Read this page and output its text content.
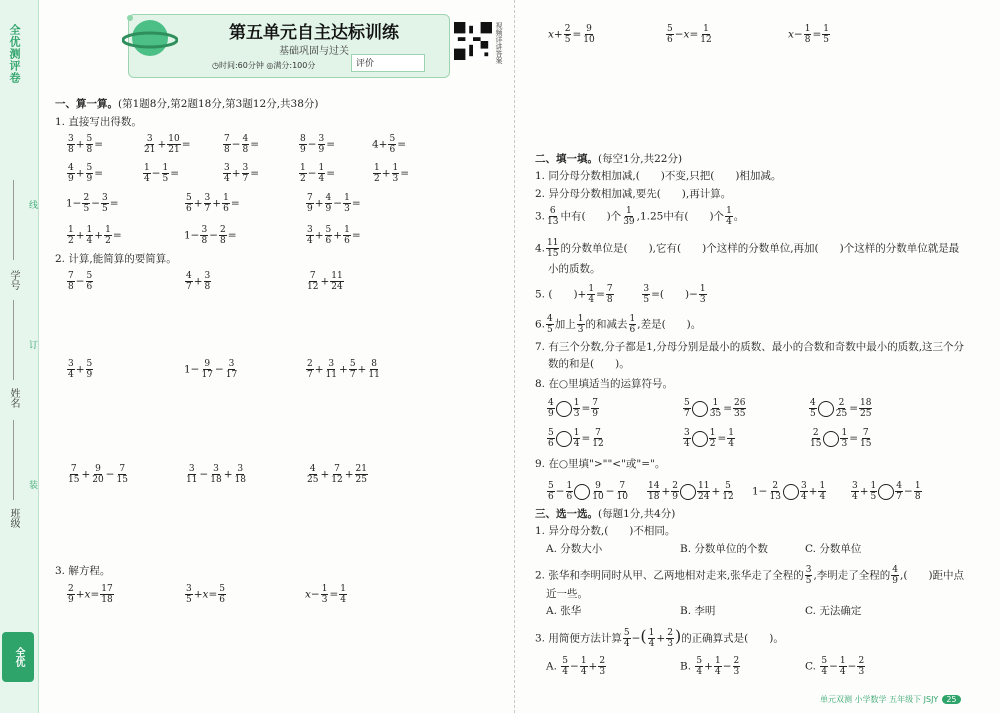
全优测评卷
学号
姓名
班级
线
订
装
全优
第五单元自主达标训练
基础巩固与过关
◷时间:60分钟 ◎满分:100分	评价	视频详讲答案
一、算一算。(第1题8分,第2题18分,第3题12分,共38分)
1. 直接写出得数。
$\frac{3}{8} + \frac{5}{8}$ =	$\frac{3}{21} + \frac{10}{21}$ =	$\frac{7}{8} - \frac{4}{8}$ =	$\frac{8}{9} - \frac{3}{9}$ =	$4+ \frac{5}{6}$ =
$\frac{4}{9} + \frac{5}{9}$ =	$\frac{1}{4} - \frac{1}{5}$ =	$\frac{3}{4} + \frac{3}{7}$ =	$\frac{1}{2} - \frac{1}{4}$ =	$\frac{1}{2} + \frac{1}{3}$ =
$1- \frac{2}{5} - \frac{3}{5}$ =	$\frac{5}{6} + \frac{3}{7} + \frac{1}{6}$ =	$\frac{7}{9} + \frac{4}{9} - \frac{1}{3}$ =
$\frac{1}{2} + \frac{1}{4} + \frac{1}{2}$ =	$1- \frac{3}{8} - \frac{2}{8}$ =	$\frac{3}{4} + \frac{5}{6} + \frac{1}{6}$ =
2. 计算,能简算的要简算。
$\frac{7}{8} - \frac{5}{6}$	$\frac{4}{7} + \frac{3}{8}$	$\frac{7}{12} + \frac{11}{24}$
$\frac{3}{4} + \frac{5}{9}$	$1- \frac{9}{17} - \frac{3}{17}$	$\frac{2}{7} + \frac{3}{11} + \frac{5}{7} + \frac{8}{11}$
$\frac{7}{15} + \frac{9}{20} - \frac{7}{15}$	$\frac{3}{11} - \frac{3}{18} + \frac{3}{18}$	$\frac{4}{25} + \frac{7}{12} + \frac{21}{25}$
3. 解方程。
$\frac{2}{9} +x= \frac{17}{18}$	$\frac{3}{5} +x= \frac{5}{6}$	$x- \frac{1}{3} = \frac{1}{4}$
$x+ \frac{2}{5} = \frac{9}{10}$	$\frac{5}{6} -x= \frac{1}{12}$	$x- \frac{1}{8} = \frac{1}{5}$
二、填一填。(每空1分,共22分)
1. 同分母分数相加减,(　　)不变,只把(　　)相加减。
2. 异分母分数相加减,要先(　　),再计算。
3. $\frac{6}{13}$ 中有(　　)个 $\frac{1}{39} ,1.25$中有(　　)个 $\frac{1}{4}$ 。
4. $\frac{11}{15}$ 的分数单位是(　　),它有(　　)个这样的分数单位,再加(　　)个这样的分数单位就是最
小的质数。
5. (　　)+ $\frac{1}{4} = \frac{7}{8}$
	$\frac{3}{5}$ =(　　)− $\frac{1}{3}$
6. $\frac{4}{5}$ 加上 $\frac{1}{3}$ 的和减去 $\frac{1}{6}$ ,差是(　　)。
7. 有三个分数,分子都是1,分母分别是最小的质数、最小的合数和奇数中最小的质数,这三个分
数的和是(　　)。
8. 在○里填适当的运算符号。
$\frac{4}{9} \frac{1}{3} = \frac{7}{9}$	$\frac{5}{7} \frac{1}{35} = \frac{26}{35}$	$\frac{4}{5} \frac{2}{25} = \frac{18}{25}$
$\frac{5}{6} \frac{1}{4} = \frac{7}{12}$	$\frac{3}{4} \frac{1}{2} = \frac{1}{4}$	$\frac{2}{15} \frac{1}{3} = \frac{7}{15}$
9. 在○里填">""<"或"="。
$\frac{5}{6} - \frac{1}{6} \frac{9}{10} - \frac{7}{10} \frac{14}{18} + \frac{2}{9} \frac{11}{24} + \frac{5}{12} 1- \frac{2}{13} \frac{3}{4} + \frac{1}{4}$	$\frac{3}{4} + \frac{1}{5} \frac{4}{7} - \frac{1}{8}$
三、选一选。(每题1分,共4分)
1. 异分母分数,(　　)不相同。
A. 分数大小	B. 分数单位的个数	C. 分数单位
2. 张华和李明同时从甲、乙两地相对走来,张华走了全程的 $\frac{3}{5}$ ,李明走了全程的 $\frac{4}{9}$ ,(　　)距中点
近一些。
A. 张华	B. 李明	C. 无法确定
3. 用简便方法计算 $\frac{5}{4}$ −( $\frac{1}{4} + \frac{2}{3}$ )的正确算式是(　　)。
A. $\frac{5}{4} - \frac{1}{4} + \frac{2}{3}$	B. $\frac{5}{4} + \frac{1}{4} - \frac{2}{3}$	C. $\frac{5}{4} - \frac{1}{4} - \frac{2}{3}$
单元双测 小学数学 五年级下 JSJY 25
